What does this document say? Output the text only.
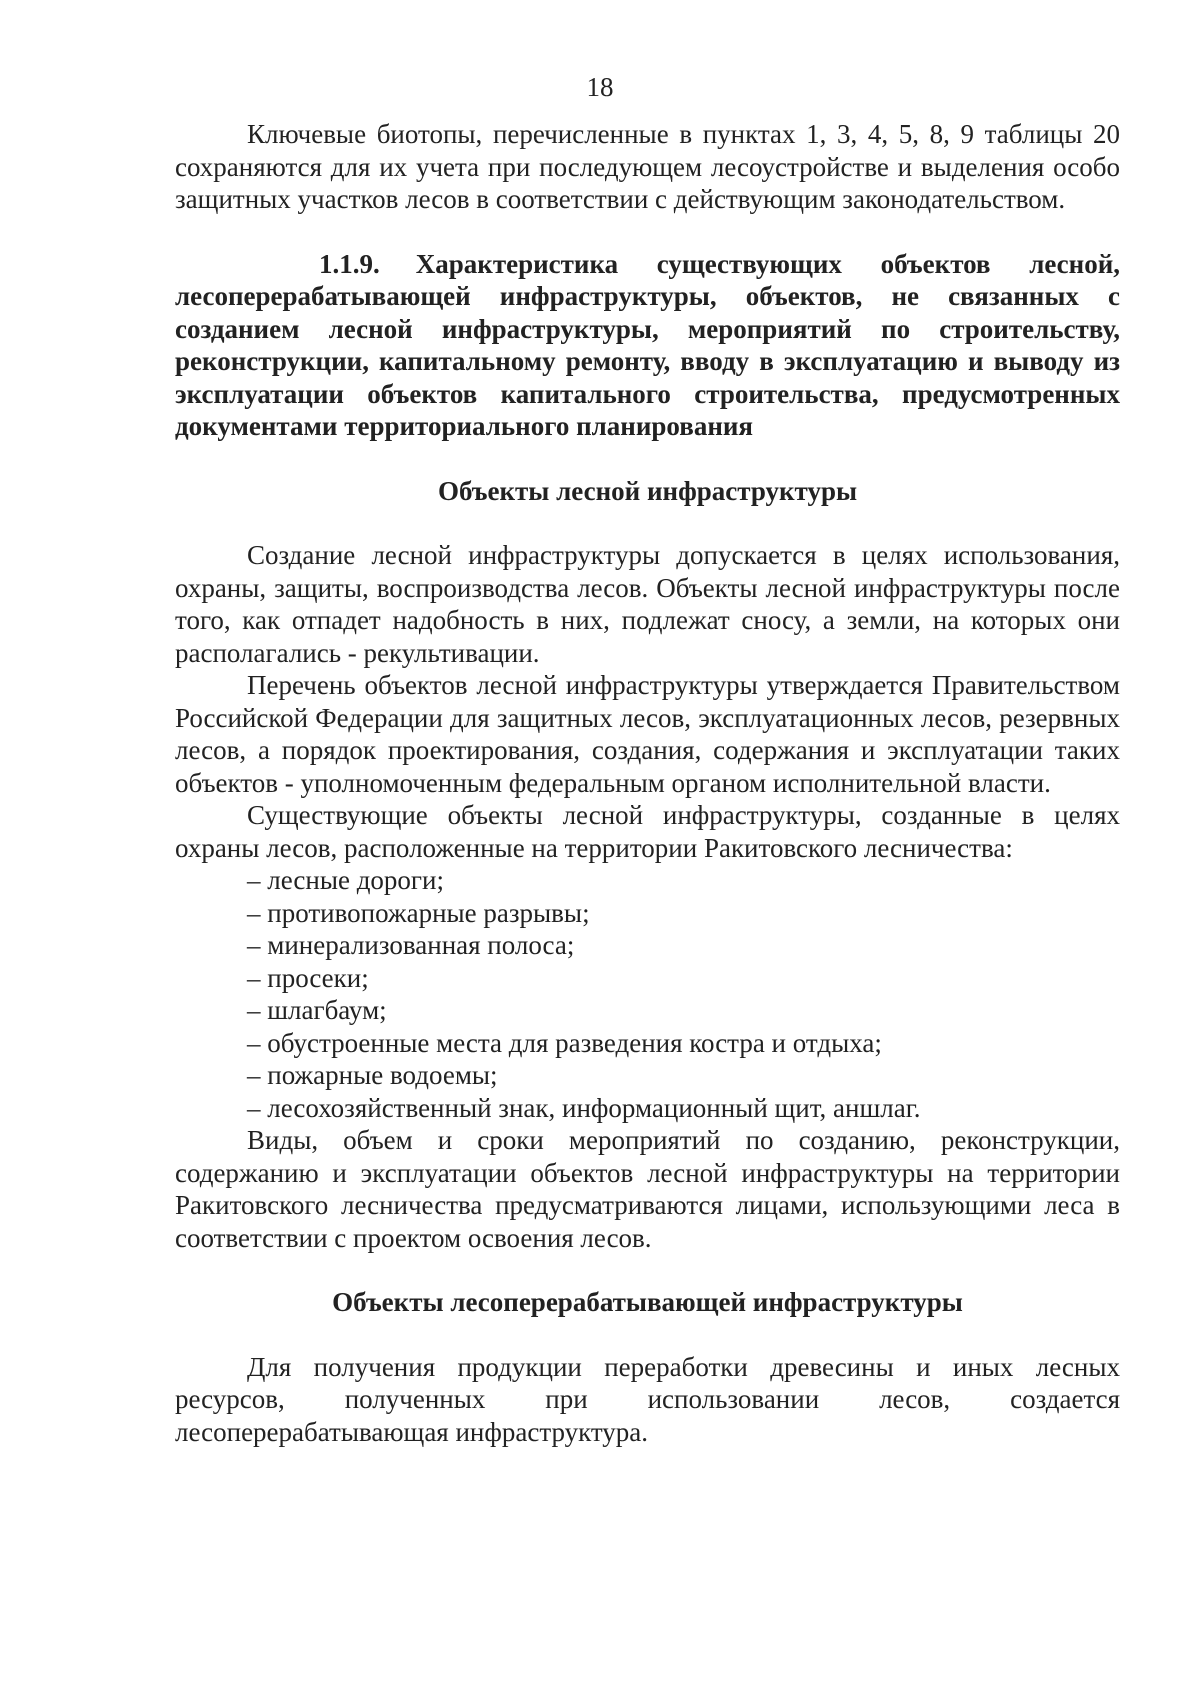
18

Ключевые биотопы, перечисленные в пунктах 1, 3, 4, 5, 8, 9 таблицы 20 сохраняются для их учета при последующем лесоустройстве и выделения особо защитных участков лесов в соответствии с действующим законодательством.

1.1.9. Характеристика существующих объектов лесной, лесоперерабатывающей инфраструктуры, объектов, не связанных с созданием лесной инфраструктуры, мероприятий по строительству, реконструкции, капитальному ремонту, вводу в эксплуатацию и выводу из эксплуатации объектов капитального строительства, предусмотренных документами территориального планирования

Объекты лесной инфраструктуры

Создание лесной инфраструктуры допускается в целях использования, охраны, защиты, воспроизводства лесов. Объекты лесной инфраструктуры после того, как отпадет надобность в них, подлежат сносу, а земли, на которых они располагались - рекультивации.

Перечень объектов лесной инфраструктуры утверждается Правительством Российской Федерации для защитных лесов, эксплуатационных лесов, резервных лесов, а порядок проектирования, создания, содержания и эксплуатации таких объектов - уполномоченным федеральным органом исполнительной власти.

Существующие объекты лесной инфраструктуры, созданные в целях охраны лесов, расположенные на территории Ракитовского лесничества:

– лесные дороги;
– противопожарные разрывы;
– минерализованная полоса;
– просеки;
– шлагбаум;
– обустроенные места для разведения костра и отдыха;
– пожарные водоемы;
– лесохозяйственный знак, информационный щит, аншлаг.

Виды, объем и сроки мероприятий по созданию, реконструкции, содержанию и эксплуатации объектов лесной инфраструктуры на территории Ракитовского лесничества предусматриваются лицами, использующими леса в соответствии с проектом освоения лесов.

Объекты лесоперерабатывающей инфраструктуры

Для получения продукции переработки древесины и иных лесных ресурсов, полученных при использовании лесов, создается лесоперерабатывающая инфраструктура.
